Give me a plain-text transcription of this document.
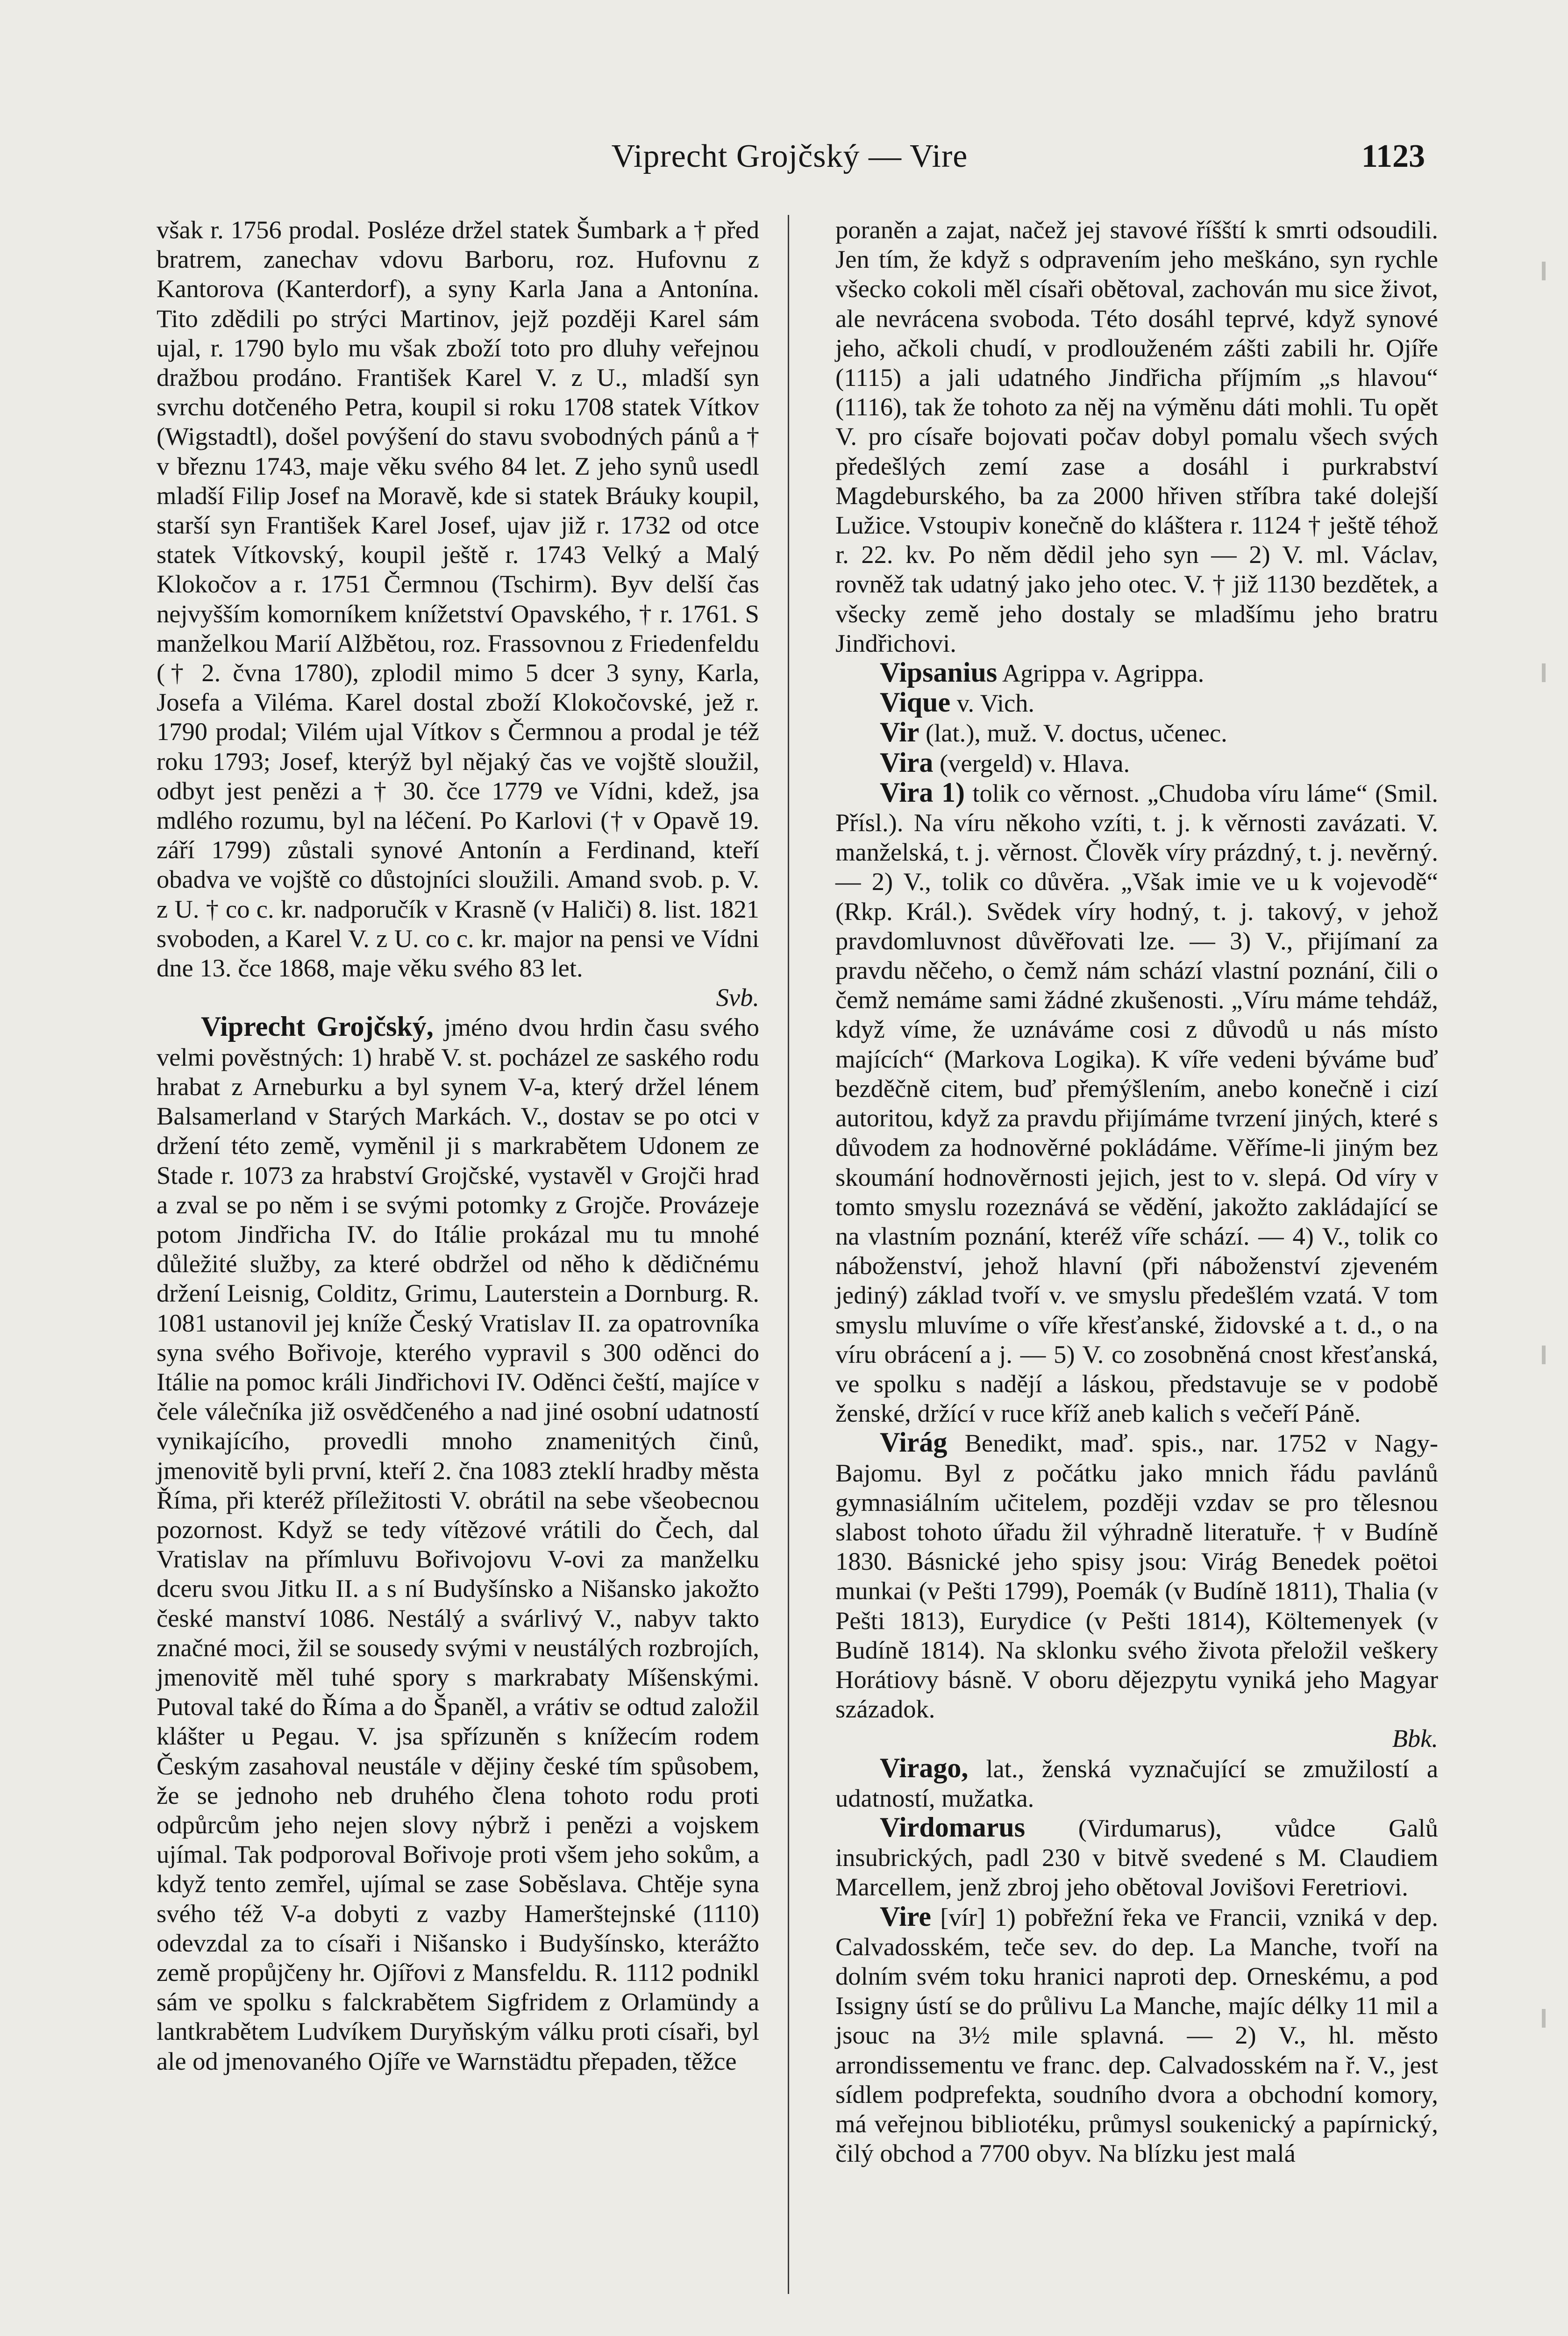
Viprecht Grojčský — Vire	1123

však r. 1756 prodal. Posléze držel statek Šumbark a † před bratrem, zanechav vdovu Barboru, roz. Hufovnu z Kantorova (Kanterdorf), a syny Karla Jana a Antonína. Tito zdědili po strýci Martinov, jejž později Karel sám ujal, r. 1790 bylo mu však zboží toto pro dluhy veřejnou dražbou prodáno. František Karel V. z U., mladší syn svrchu dotčeného Petra, koupil si roku 1708 statek Vítkov (Wigstadtl), došel povýšení do stavu svobodných pánů a † v březnu 1743, maje věku svého 84 let. Z jeho synů usedl mladší Filip Josef na Moravě, kde si statek Bráuky koupil, starší syn František Karel Josef, ujav již r. 1732 od otce statek Vítkovský, koupil ještě r. 1743 Velký a Malý Klokočov a r. 1751 Čermnou (Tschirm). Byv delší čas nejvyšším komorníkem knížetství Opavského, † r. 1761. S manželkou Marií Alžbětou, roz. Frassovnou z Friedenfeldu († 2. čvna 1780), zplodil mimo 5 dcer 3 syny, Karla, Josefa a Viléma. Karel dostal zboží Klokočovské, jež r. 1790 prodal; Vilém ujal Vítkov s Čermnou a prodal je též roku 1793; Josef, kterýž byl nějaký čas ve vojště sloužil, odbyt jest penězi a † 30. čce 1779 ve Vídni, kdež, jsa mdlého rozumu, byl na léčení. Po Karlovi († v Opavě 19. září 1799) zůstali synové Antonín a Ferdinand, kteří obadva ve vojště co důstojníci sloužili. Amand svob. p. V. z U. † co c. kr. nadporučík v Krasně (v Haliči) 8. list. 1821 svoboden, a Karel V. z U. co c. kr. major na pensi ve Vídni dne 13. čce 1868, maje věku svého 83 let.
Svb.

Viprecht Grojčský, jméno dvou hrdin času svého velmi pověstných: 1) hrabě V. st. pocházel ze saského rodu hrabat z Arneburku a byl synem V-a, který držel lénem Balsamerland v Starých Markách. V., dostav se po otci v držení této země, vyměnil ji s markrabětem Udonem ze Stade r. 1073 za hrabství Grojčské, vystavěl v Grojči hrad a zval se po něm i se svými potomky z Grojče. Provázeje potom Jindřicha IV. do Itálie prokázal mu tu mnohé důležité služby, za které obdržel od něho k dědičnému držení Leisnig, Colditz, Grimu, Lauterstein a Dornburg. R. 1081 ustanovil jej kníže Český Vratislav II. za opatrovníka syna svého Bořivoje, kterého vypravil s 300 oděnci do Itálie na pomoc králi Jindřichovi IV. Oděnci čeští, majíce v čele válečníka již osvědčeného a nad jiné osobní udatností vynikajícího, provedli mnoho znamenitých činů, jmenovitě byli první, kteří 2. čna 1083 zteklí hradby města Říma, při kteréž příležitosti V. obrátil na sebe všeobecnou pozornost. Když se tedy vítězové vrátili do Čech, dal Vratislav na přímluvu Bořivojovu V-ovi za manželku dceru svou Jitku II. a s ní Budyšínsko a Nišansko jakožto české manství 1086. Nestálý a svárlivý V., nabyv takto značné moci, žil se sousedy svými v neustálých rozbrojích, jmenovitě měl tuhé spory s markrabaty Míšenskými. Putoval také do Říma a do Španěl, a vrátiv se odtud založil klášter u Pegau. V. jsa spřízuněn s knížecím rodem Českým zasahoval neustále v dějiny české tím spůsobem, že se jednoho neb druhého člena tohoto rodu proti odpůrcům jeho nejen slovy nýbrž i penězi a vojskem ujímal. Tak podporoval Bořivoje proti všem jeho sokům, a když tento zemřel, ujímal se zase Soběslava. Chtěje syna svého též V-a dobyti z vazby Hamerštejnské (1110) odevzdal za to císaři i Nišansko i Budyšínsko, kterážto země propůjčeny hr. Ojířovi z Mansfeldu. R. 1112 podnikl sám ve spolku s falckrabětem Sigfridem z Orlamündy a lantkrabětem Ludvíkem Duryňským válku proti císaři, byl ale od jmenovaného Ojíře ve Warnstädtu přepaden, těžce

poraněn a zajat, načež jej stavové říšští k smrti odsoudili. Jen tím, že když s odpravením jeho meškáno, syn rychle všecko cokoli měl císaři obětoval, zachován mu sice život, ale nevrácena svoboda. Této dosáhl teprvé, když synové jeho, ačkoli chudí, v prodlouženém zášti zabili hr. Ojíře (1115) a jali udatného Jindřicha příjmím „s hlavou“ (1116), tak že tohoto za něj na výměnu dáti mohli. Tu opět V. pro císaře bojovati počav dobyl pomalu všech svých předešlých zemí zase a dosáhl i purkrabství Magdeburského, ba za 2000 hřiven stříbra také dolejší Lužice. Vstoupiv konečně do kláštera r. 1124 † ještě téhož r. 22. kv. Po něm dědil jeho syn — 2) V. ml. Václav, rovněž tak udatný jako jeho otec. V. † již 1130 bezdětek, a všecky země jeho dostaly se mladšímu jeho bratru Jindřichovi.

Vipsanius Agrippa v. Agrippa.

Vique v. Vich.

Vir (lat.), muž. V. doctus, učenec.

Vira (vergeld) v. Hlava.

Vira 1) tolik co věrnost. „Chudoba víru láme“ (Smil. Přísl.). Na víru někoho vzíti, t. j. k věrnosti zavázati. V. manželská, t. j. věrnost. Člověk víry prázdný, t. j. nevěrný. — 2) V., tolik co důvěra. „Však imie ve u k vojevodě“ (Rkp. Král.). Svědek víry hodný, t. j. takový, v jehož pravdomluvnost důvěřovati lze. — 3) V., přijímaní za pravdu něčeho, o čemž nám schází vlastní poznání, čili o čemž nemáme sami žádné zkušenosti. „Víru máme tehdáž, když víme, že uznáváme cosi z důvodů u nás místo majících“ (Markova Logika). K víře vedeni býváme buď bezděčně citem, buď přemýšlením, anebo konečně i cizí autoritou, když za pravdu přijímáme tvrzení jiných, které s důvodem za hodnověrné pokládáme. Věříme-li jiným bez skoumání hodnověrnosti jejich, jest to v. slepá. Od víry v tomto smyslu rozeznává se vědění, jakožto zakládající se na vlastním poznání, kteréž víře schází. — 4) V., tolik co náboženství, jehož hlavní (při náboženství zjeveném jediný) základ tvoří v. ve smyslu předešlém vzatá. V tom smyslu mluvíme o víře křesťanské, židovské a t. d., o na víru obrácení a j. — 5) V. co zosobněná cnost křesťanská, ve spolku s nadějí a láskou, představuje se v podobě ženské, držící v ruce kříž aneb kalich s večeří Páně.

Virág Benedikt, maď. spis., nar. 1752 v Nagy-Bajomu. Byl z počátku jako mnich řádu pavlánů gymnasiálním učitelem, později vzdav se pro tělesnou slabost tohoto úřadu žil výhradně literatuře. † v Budíně 1830. Básnické jeho spisy jsou: Virág Benedek poëtoi munkai (v Pešti 1799), Poemák (v Budíně 1811), Thalia (v Pešti 1813), Eurydice (v Pešti 1814), Költemenyek (v Budíně 1814). Na sklonku svého života přeložil veškery Horátiovy básně. V oboru dějezpytu vyniká jeho Magyar századok.
Bbk.

Virago, lat., ženská vyznačující se zmužilostí a udatností, mužatka.

Virdomarus (Virdumarus), vůdce Galů insubrických, padl 230 v bitvě svedené s M. Claudiem Marcellem, jenž zbroj jeho obětoval Jovišovi Feretriovi.

Vire [vír] 1) pobřežní řeka ve Francii, vzniká v dep. Calvadosském, teče sev. do dep. La Manche, tvoří na dolním svém toku hranici naproti dep. Orneskému, a pod Issigny ústí se do průlivu La Manche, majíc délky 11 mil a jsouc na 3½ mile splavná. — 2) V., hl. město arrondissementu ve franc. dep. Calvadosském na ř. V., jest sídlem podprefekta, soudního dvora a obchodní komory, má veřejnou bibliotéku, průmysl soukenický a papírnický, čilý obchod a 7700 obyv. Na blízku jest malá
